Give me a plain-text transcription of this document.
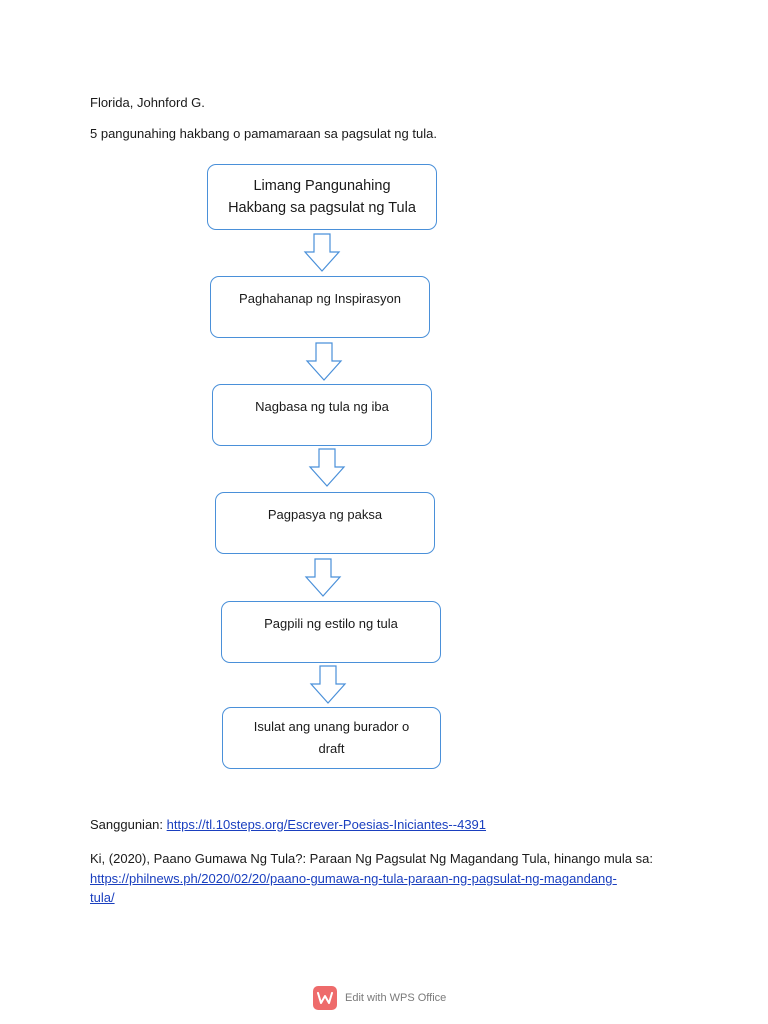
Florida, Johnford G.
5 pangunahing hakbang o pamamaraan sa pagsulat ng tula.
Limang Pangunahing
Hakbang sa pagsulat ng Tula
Paghahanap ng Inspirasyon
Nagbasa ng tula ng iba
Pagpasya ng paksa
Pagpili ng estilo ng tula
Isulat ang unang burador o
draft
Sanggunian: https://tl.10steps.org/Escrever-Poesias-Iniciantes--4391
Ki, (2020), Paano Gumawa Ng Tula?: Paraan Ng Pagsulat Ng Magandang Tula, hinango mula sa:
https://philnews.ph/2020/02/20/paano-gumawa-ng-tula-paraan-ng-pagsulat-ng-magandang-
tula/
Edit with WPS Office
